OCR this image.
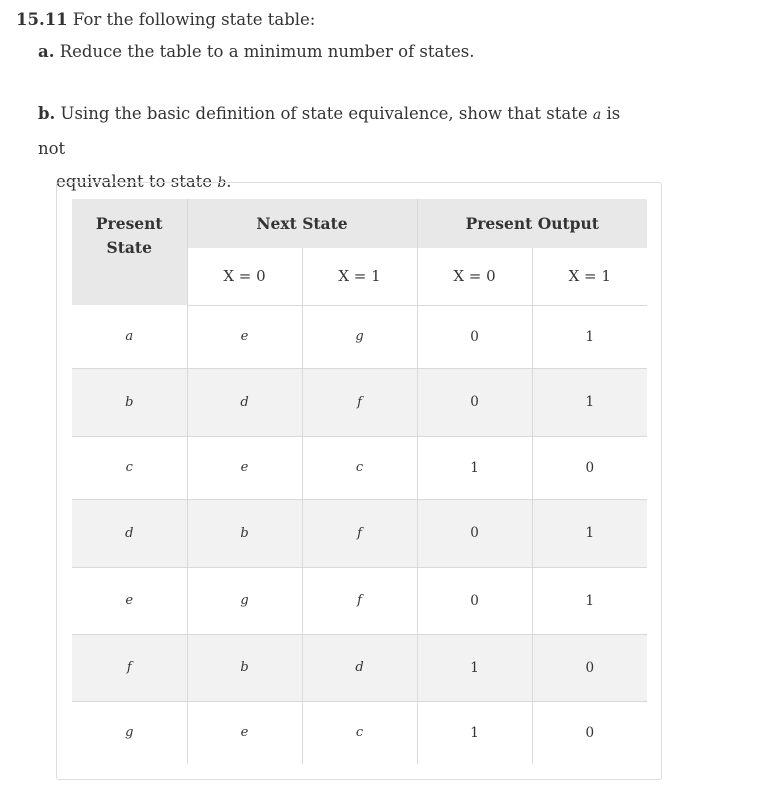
15.11 For the following state table:
a. Reduce the table to a minimum number of states.
b. Using the basic definition of state equivalence, show that state a is not
equivalent to state b.
Present State	Next State		Present Output	
	X = 0	X = 1	X = 0	X = 1
a	e	g	0	1
b	d	f	0	1
c	e	c	1	0
d	b	f	0	1
e	g	f	0	1
f	b	d	1	0
g	e	c	1	0
